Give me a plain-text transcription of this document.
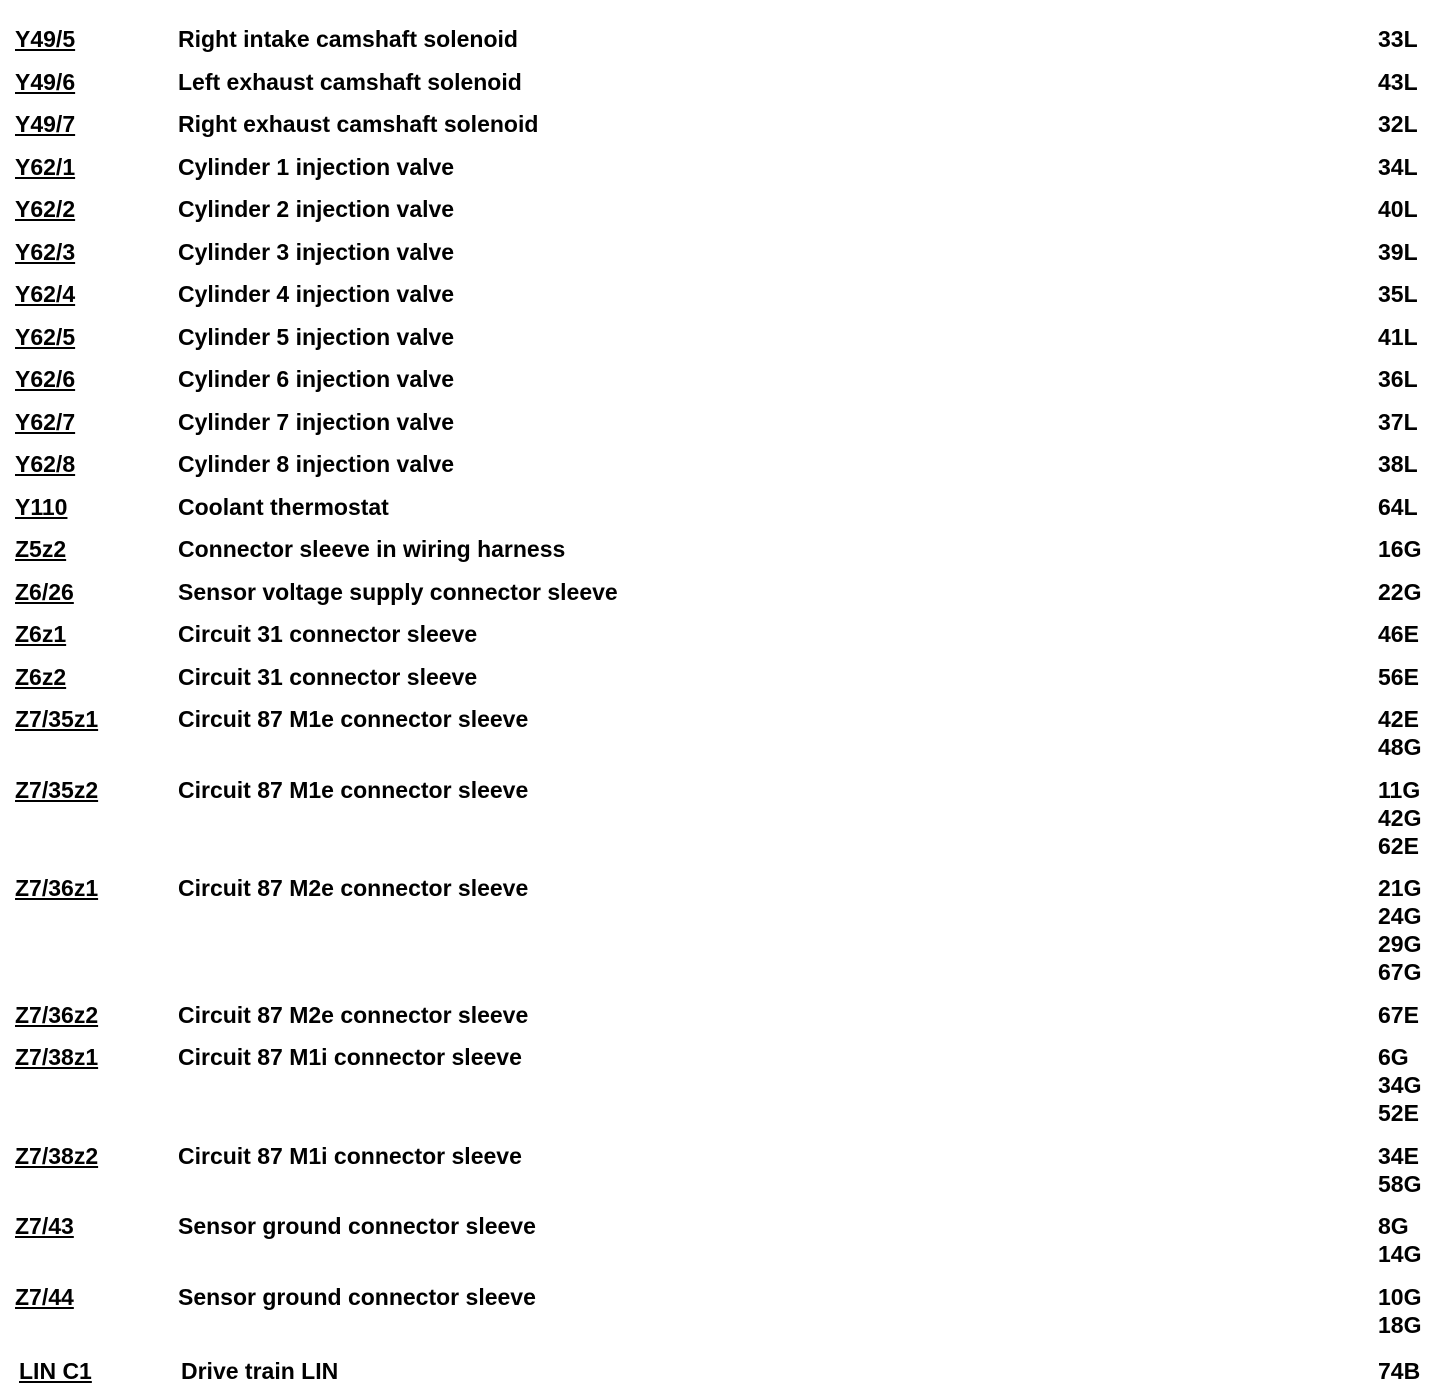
Y49/5	Right intake camshaft solenoid	33L
Y49/6	Left exhaust camshaft solenoid	43L
Y49/7	Right exhaust camshaft solenoid	32L
Y62/1	Cylinder 1 injection valve	34L
Y62/2	Cylinder 2 injection valve	40L
Y62/3	Cylinder 3 injection valve	39L
Y62/4	Cylinder 4 injection valve	35L
Y62/5	Cylinder 5 injection valve	41L
Y62/6	Cylinder 6 injection valve	36L
Y62/7	Cylinder 7 injection valve	37L
Y62/8	Cylinder 8 injection valve	38L
Y110	Coolant thermostat	64L
Z5z2	Connector sleeve in wiring harness	16G
Z6/26	Sensor voltage supply connector sleeve	22G
Z6z1	Circuit 31 connector sleeve	46E
Z6z2	Circuit 31 connector sleeve	56E
Z7/35z1	Circuit 87 M1e connector sleeve	42E
48G
Z7/35z2	Circuit 87 M1e connector sleeve	11G
42G
62E
Z7/36z1	Circuit 87 M2e connector sleeve	21G
24G
29G
67G
Z7/36z2	Circuit 87 M2e connector sleeve	67E
Z7/38z1	Circuit 87 M1i connector sleeve	6G
34G
52E
Z7/38z2	Circuit 87 M1i connector sleeve	34E
58G
Z7/43	Sensor ground connector sleeve	8G
14G
Z7/44	Sensor ground connector sleeve	10G
18G
LIN C1	Drive train LIN	74B
